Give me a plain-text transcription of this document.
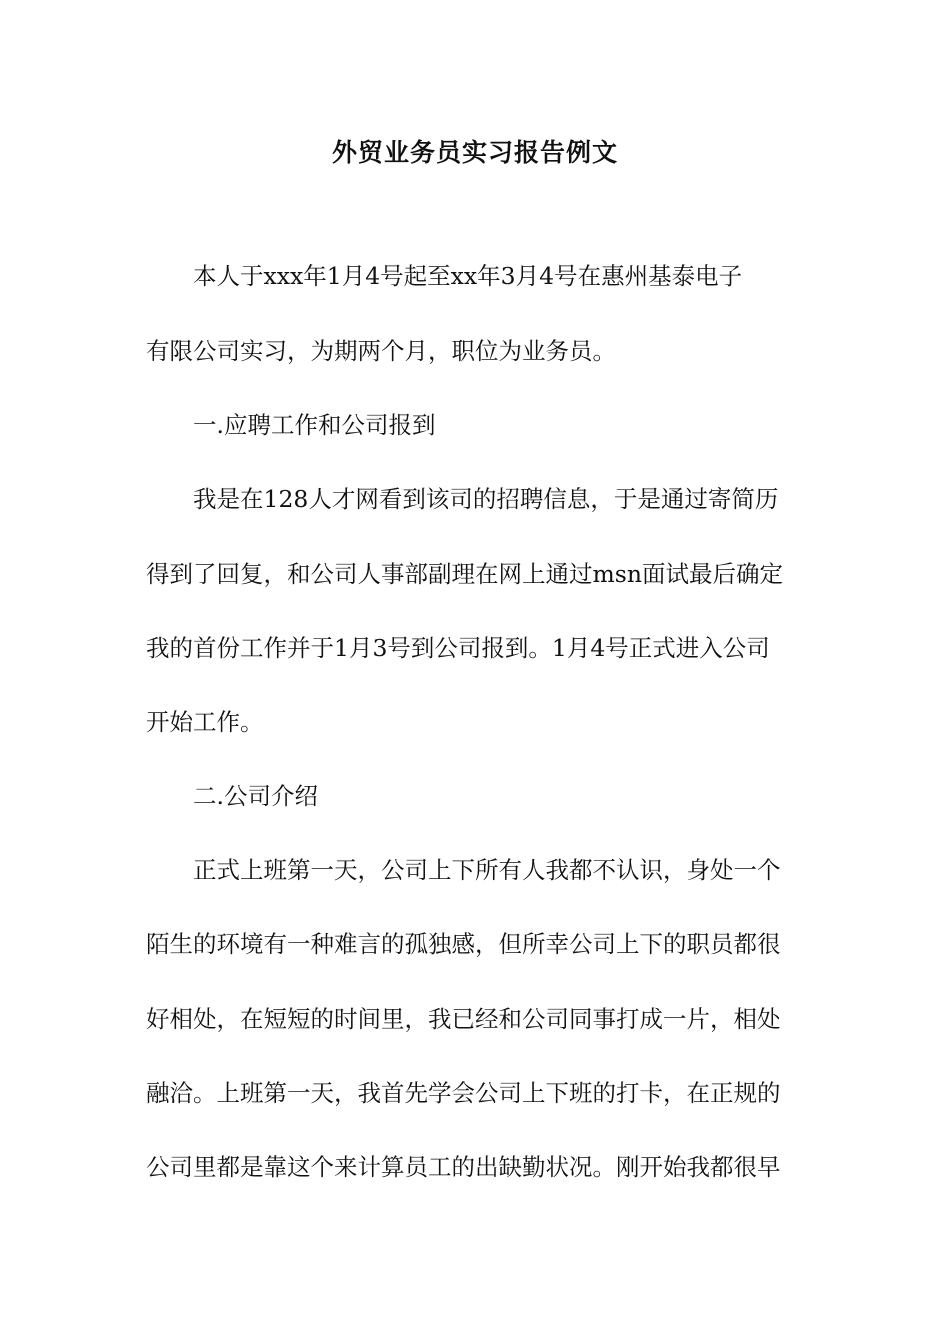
外贸业务员实习报告例文
本人于xxx年1月4号起至xx年3月4号在惠州基泰电子
有限公司实习，为期两个月，职位为业务员。
一.应聘工作和公司报到
我是在128人才网看到该司的招聘信息，于是通过寄简历
得到了回复，和公司人事部副理在网上通过msn面试最后确定
我的首份工作并于1月3号到公司报到。1月4号正式进入公司
开始工作。
二.公司介绍
正式上班第一天，公司上下所有人我都不认识，身处一个
陌生的环境有一种难言的孤独感，但所幸公司上下的职员都很
好相处，在短短的时间里，我已经和公司同事打成一片，相处
融洽。上班第一天，我首先学会公司上下班的打卡，在正规的
公司里都是靠这个来计算员工的出缺勤状况。刚开始我都很早
